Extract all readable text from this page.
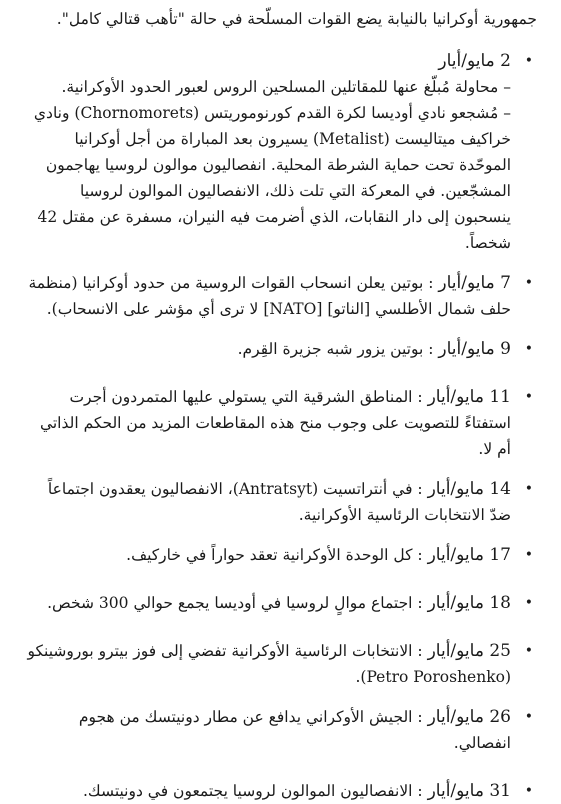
جمهورية أوكرانيا بالنيابة يضع القوات المسلّحة في حالة "تأهب قتالي كامل".

•
2 مايو/أيار
– محاولة مُبلّغ عنها للمقاتلين المسلحين الروس لعبور الحدود الأوكرانية.
– مُشجعو نادي أوديسا لكرة القدم كورنوموريتس (Chornomorets) ونادي خراكيف ميتاليست (Metalist) يسيرون بعد المباراة من أجل أوكرانيا الموحّدة تحت حماية الشرطة المحلية. انفصاليون موالون لروسيا يهاجمون المشجّعين. في المعركة التي تلت ذلك، الانفصاليون الموالون لروسيا ينسحبون إلى دار النقابات، الذي أضرمت فيه النيران، مسفرة عن مقتل 42 شخصاً.
•
7 مايو/أيار : بوتين يعلن انسحاب القوات الروسية من حدود أوكرانيا (منظمة حلف شمال الأطلسي [الناتو] [NATO] لا ترى أي مؤشر على الانسحاب).
•
9 مايو/أيار : بوتين يزور شبه جزيرة القِرم.
•
11 مايو/أيار : المناطق الشرقية التي يستولي عليها المتمردون أجرت استفتاءً للتصويت على وجوب منح هذه المقاطعات المزيد من الحكم الذاتي أم لا.
•
14 مايو/أيار : في أنتراتسيت (Antratsyt)، الانفصاليون يعقدون اجتماعاً ضدّ الانتخابات الرئاسية الأوكرانية.
•
17 مايو/أيار : كل الوحدة الأوكرانية تعقد حواراً في خاركيف.
•
18 مايو/أيار : اجتماع موالٍ لروسيا في أوديسا يجمع حوالي 300 شخص.
•
25 مايو/أيار : الانتخابات الرئاسية الأوكرانية تفضي إلى فوز بيترو بوروشينكو (Petro Poroshenko).
•
26 مايو/أيار : الجيش الأوكراني يدافع عن مطار دونيتسك من هجوم انفصالي.
•
31 مايو/أيار : الانفصاليون الموالون لروسيا يجتمعون في دونيتسك.
